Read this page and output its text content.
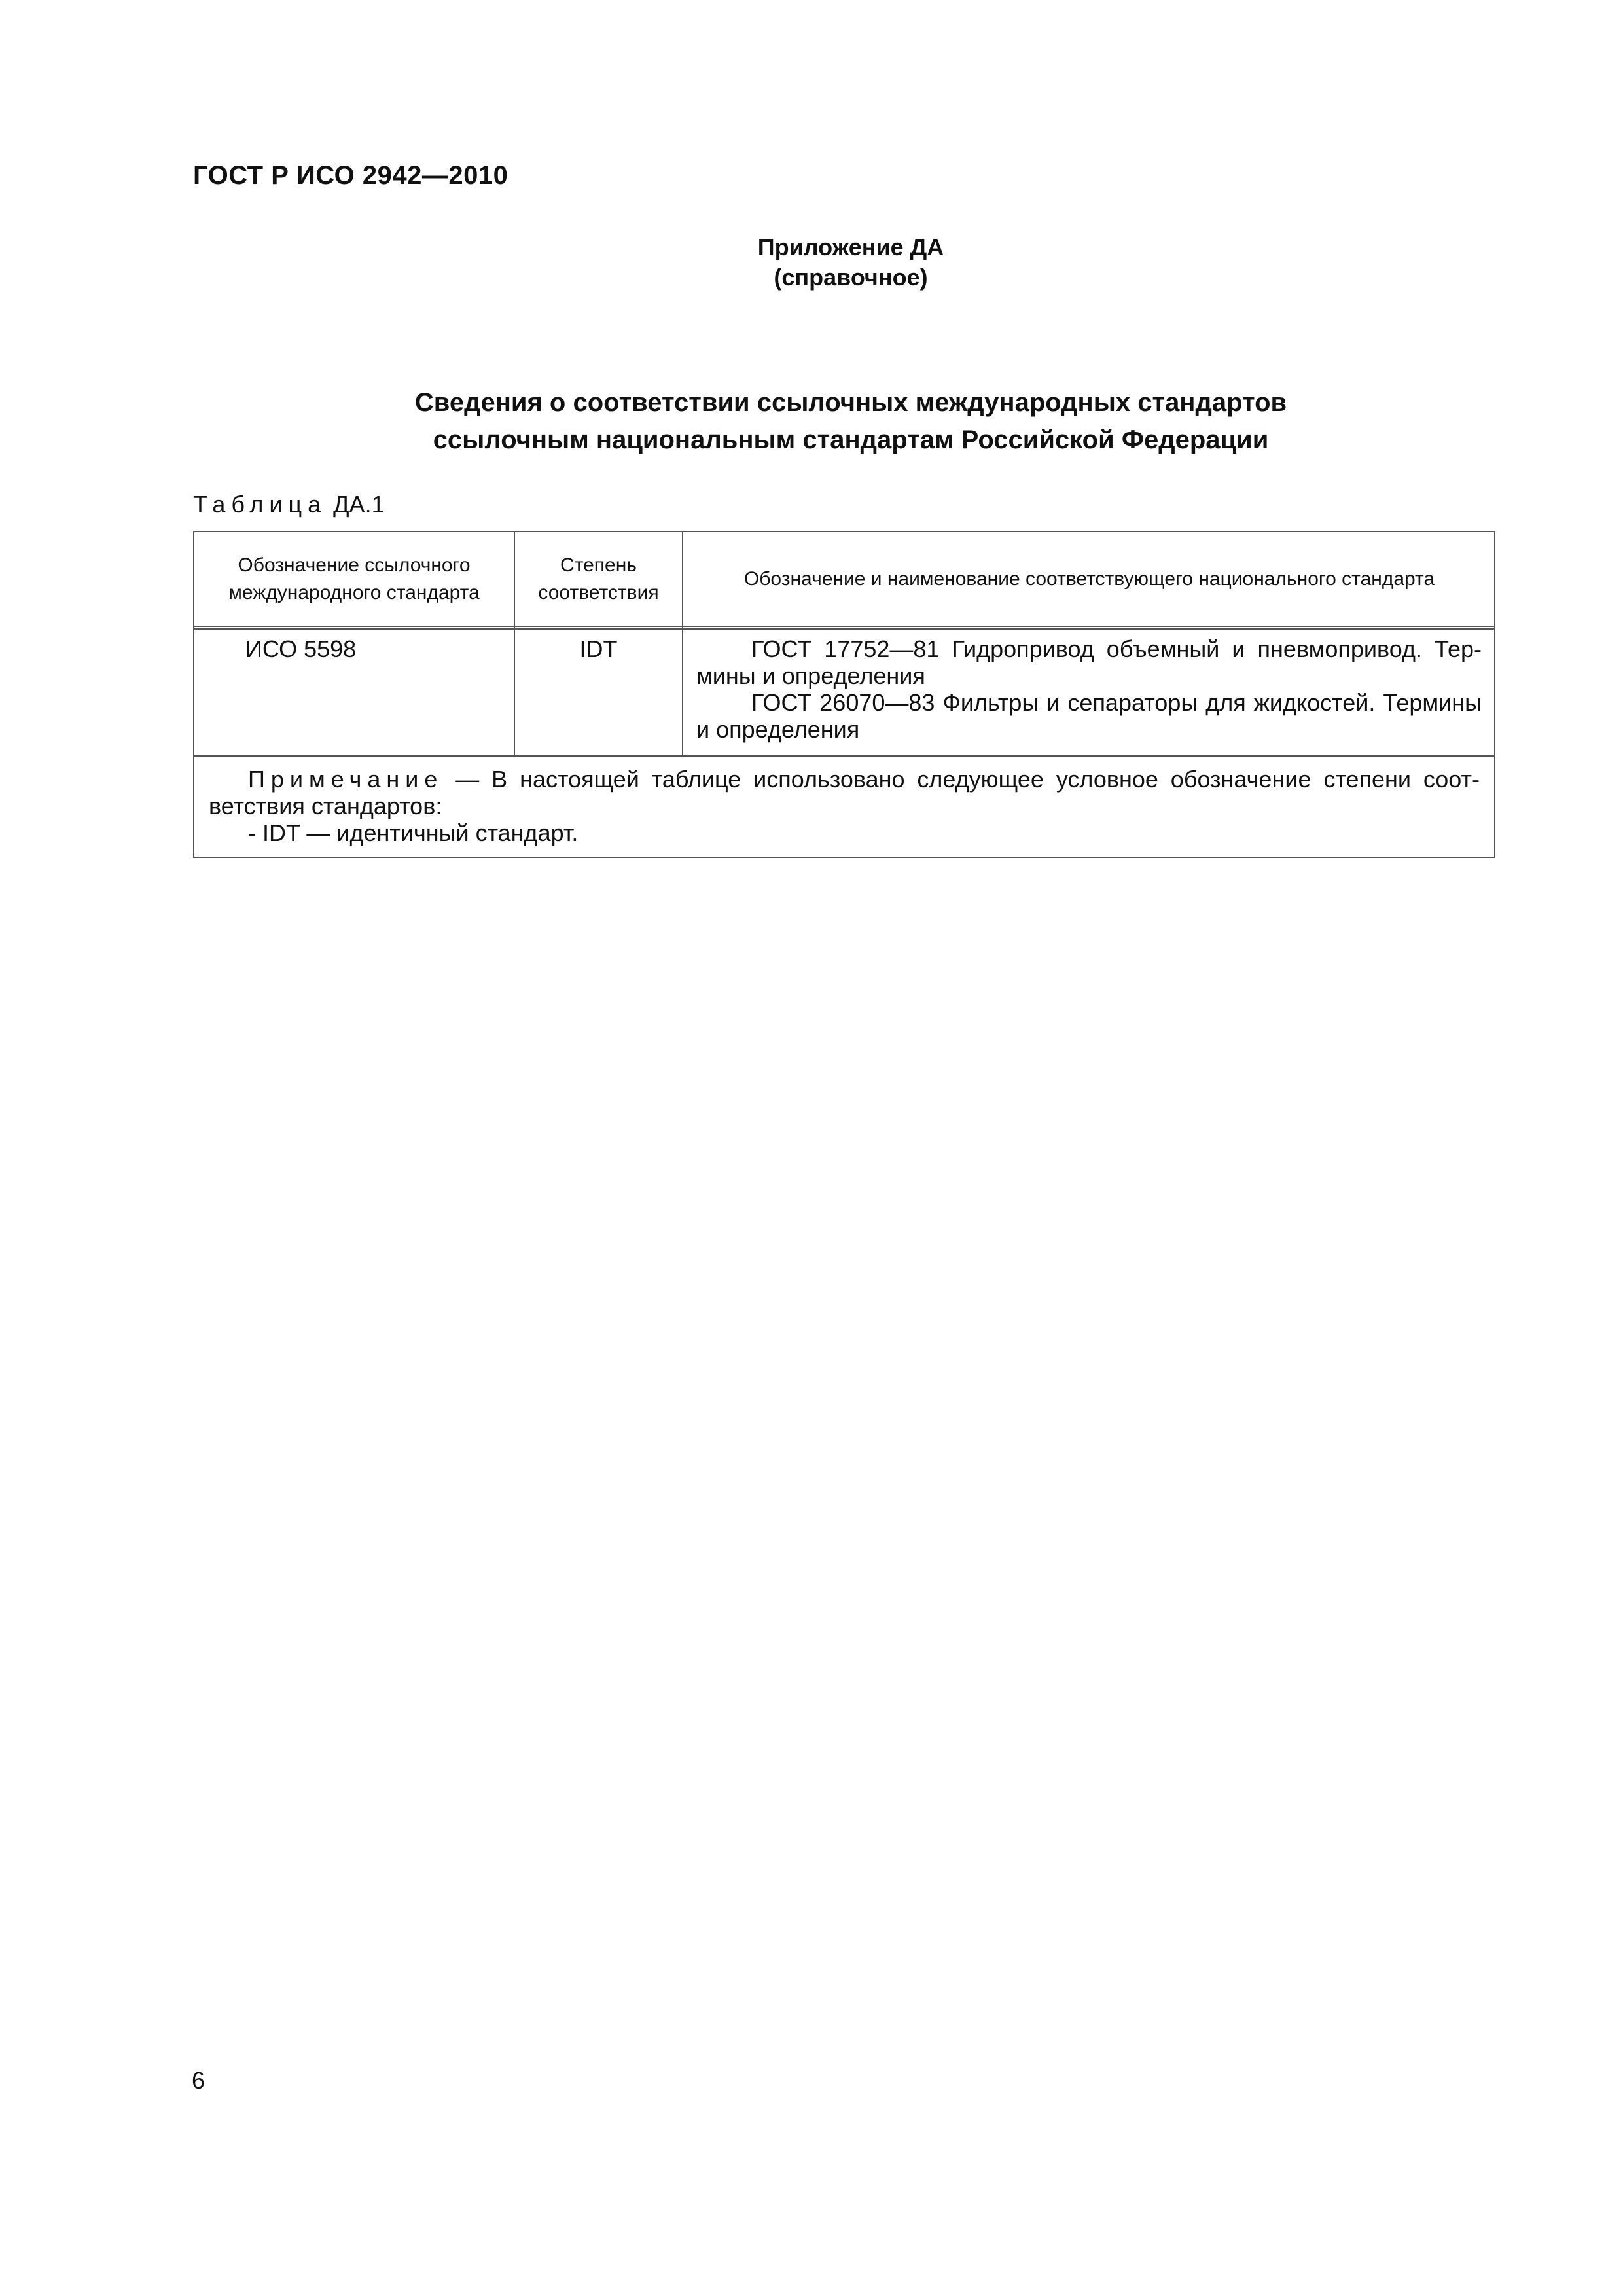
ГОСТ Р ИСО 2942—2010
Приложение ДА
(справочное)
Сведения о соответствии ссылочных международных стандартов
ссылочным национальным стандартам Российской Федерации
Таблица ДА.1
Обозначение ссылочного
международного стандарта
Степень
соответствия
Обозначение и наименование соответствующего национального стандарта
ИСО 5598	IDT	ГОСТ 17752—81 Гидропривод объемный и пневмопривод. Тер-
мины и определения
ГОСТ 26070—83 Фильтры и сепараторы для жидкостей. Термины
и определения
Примечание — В настоящей таблице использовано следующее условное обозначение степени соот-
ветствия стандартов:
- IDT — идентичный стандарт.
6
